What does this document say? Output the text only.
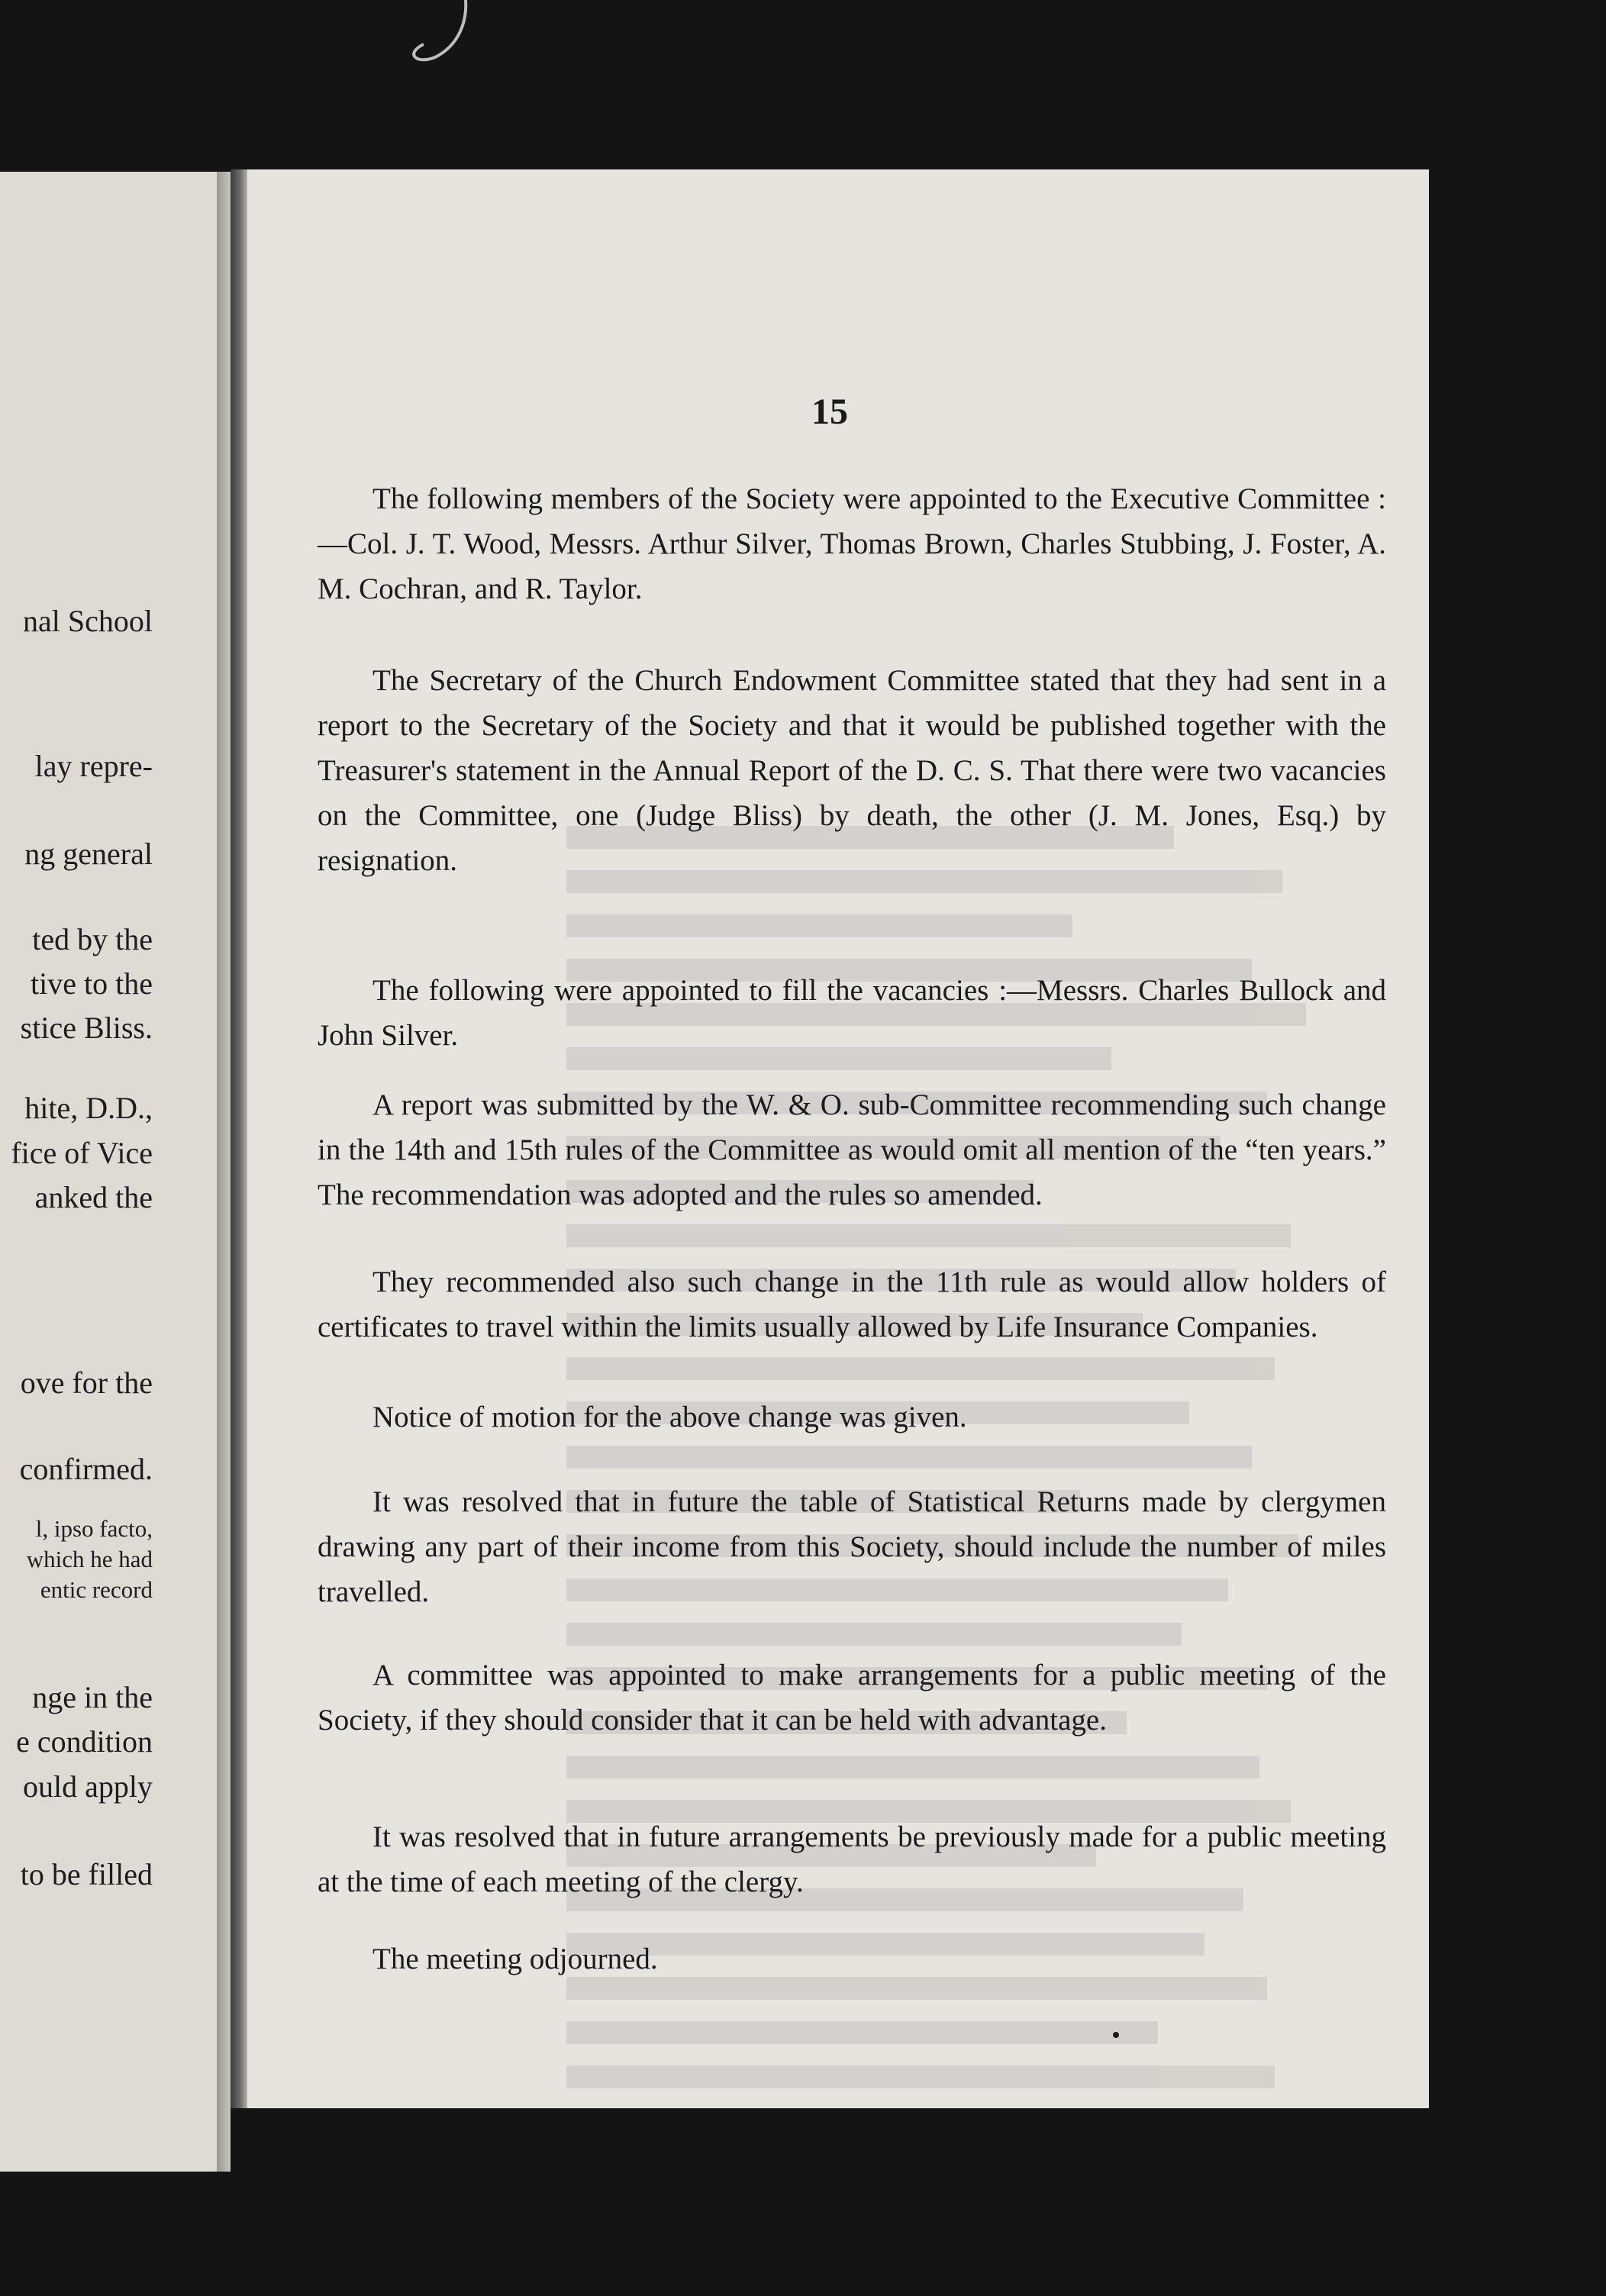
nal School

lay repre-

ng general

ted by the

tive to the

stice Bliss.

hite, D.D.,

fice of Vice

anked the

ove for the

confirmed.

l, ipso facto,

which he had

entic record

nge in the

e condition

ould apply

to be filled

15

The following members of the Society were appointed to the Executive Committee :—Col. J. T. Wood, Messrs. Arthur Silver, Thomas Brown, Charles Stubbing, J. Foster, A. M. Cochran, and R. Taylor.

The Secretary of the Church Endowment Committee stated that they had sent in a report to the Secretary of the Society and that it would be published together with the Treasurer's statement in the Annual Report of the D. C. S. That there were two vacancies on the Committee, one (Judge Bliss) by death, the other (J. M. Jones, Esq.) by resignation.

The following were appointed to fill the vacancies :—Messrs. Charles Bullock and John Silver.

A report was submitted by the W. & O. sub-Committee recommending such change in the 14th and 15th rules of the Committee as would omit all mention of the “ten years.” The recommendation was adopted and the rules so amended.

They recommended also such change in the 11th rule as would allow holders of certificates to travel within the limits usually allowed by Life Insurance Companies.

Notice of motion for the above change was given.

It was resolved that in future the table of Statistical Returns made by clergymen drawing any part of their income from this Society, should include the number of miles travelled.

A committee was appointed to make arrangements for a public meeting of the Society, if they should consider that it can be held with advantage.

It was resolved that in future arrangements be previously made for a public meeting at the time of each meeting of the clergy.

The meeting odjourned.
